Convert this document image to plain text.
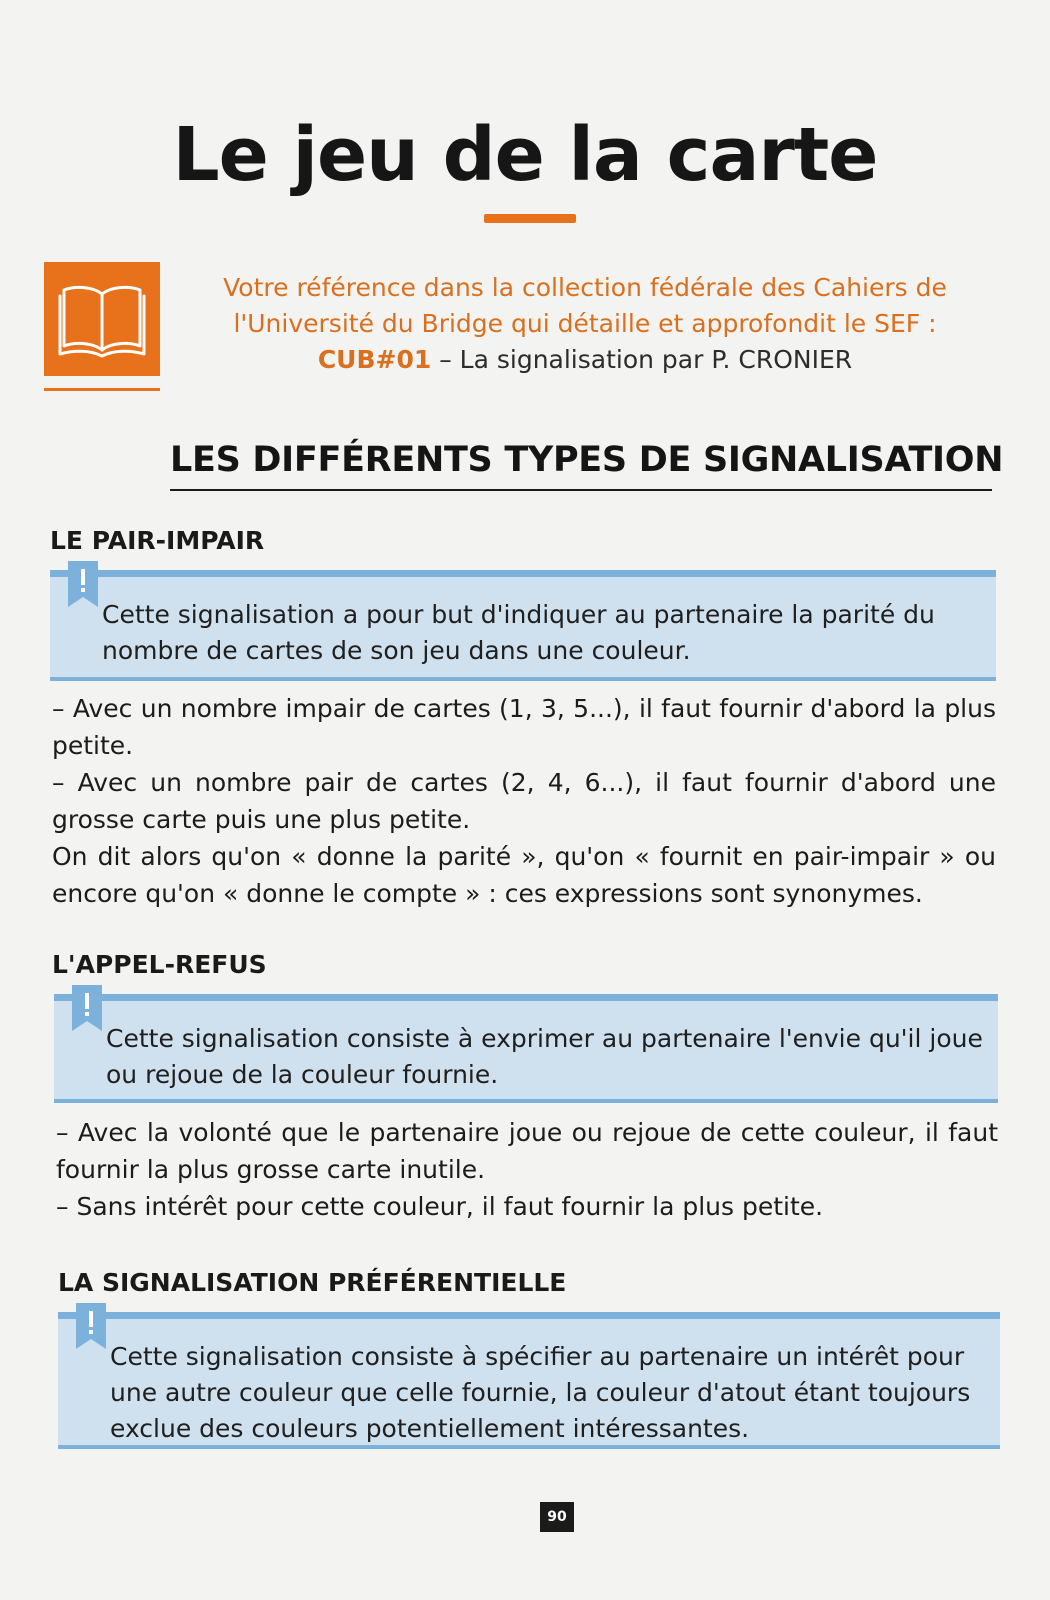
Le jeu de la carte
Votre référence dans la collection fédérale des Cahiers de
l'Université du Bridge qui détaille et approfondit le SEF :
CUB#01 – La signalisation par P. CRONIER
LES DIFFÉRENTS TYPES DE SIGNALISATION
LE PAIR-IMPAIR

Cette signalisation a pour but d'indiquer au partenaire la parité du nombre de cartes de son jeu dans une couleur.

– Avec un nombre impair de cartes (1, 3, 5...), il faut fournir d'abord la plus petite.
– Avec un nombre pair de cartes (2, 4, 6...), il faut fournir d'abord une grosse carte puis une plus petite.
On dit alors qu'on « donne la parité », qu'on « fournit en pair-impair » ou encore qu'on « donne le compte » : ces expressions sont synonymes.
L'APPEL-REFUS

Cette signalisation consiste à exprimer au partenaire l'envie qu'il joue ou rejoue de la couleur fournie.

– Avec la volonté que le partenaire joue ou rejoue de cette couleur, il faut fournir la plus grosse carte inutile.
– Sans intérêt pour cette couleur, il faut fournir la plus petite.
LA SIGNALISATION PRÉFÉRENTIELLE

Cette signalisation consiste à spécifier au partenaire un intérêt pour une autre couleur que celle fournie, la couleur d'atout étant toujours exclue des couleurs potentiellement intéressantes.

90
